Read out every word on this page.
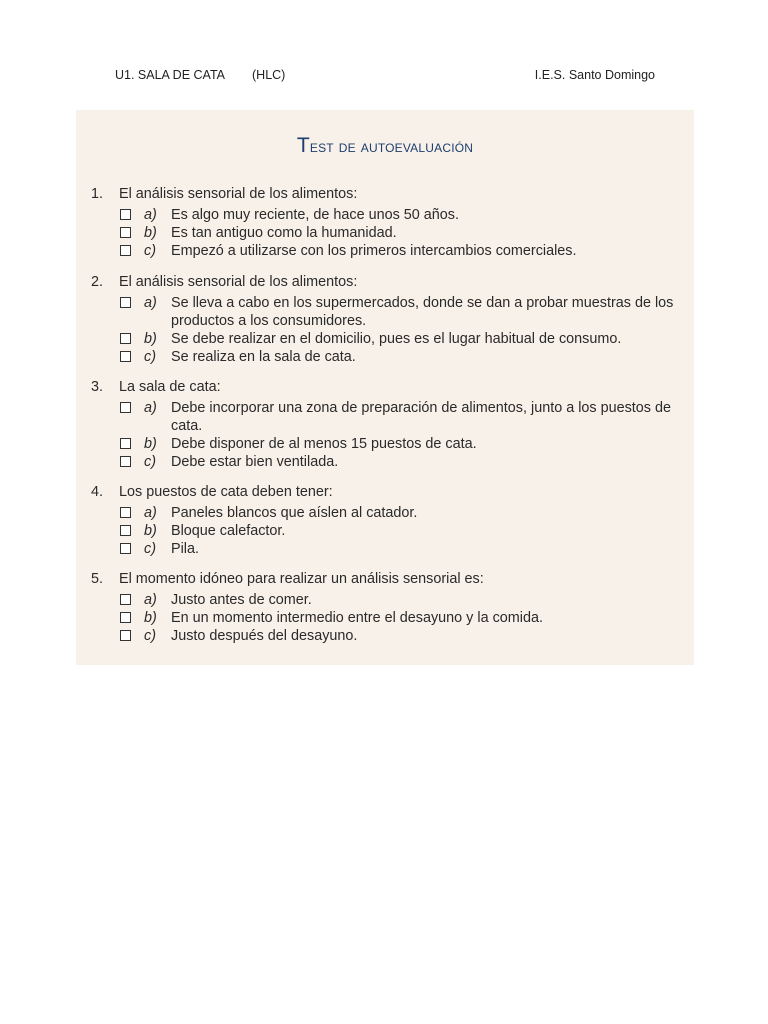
U1. SALA DE CATA (HLC)	I.E.S. Santo Domingo
Test de autoevaluación
1. El análisis sensorial de los alimentos:
a) Es algo muy reciente, de hace unos 50 años.
b) Es tan antiguo como la humanidad.
c) Empezó a utilizarse con los primeros intercambios comerciales.
2. El análisis sensorial de los alimentos:
a) Se lleva a cabo en los supermercados, donde se dan a probar muestras de los productos a los consumidores.
b) Se debe realizar en el domicilio, pues es el lugar habitual de consumo.
c) Se realiza en la sala de cata.
3. La sala de cata:
a) Debe incorporar una zona de preparación de alimentos, junto a los puestos de cata.
b) Debe disponer de al menos 15 puestos de cata.
c) Debe estar bien ventilada.
4. Los puestos de cata deben tener:
a) Paneles blancos que aíslen al catador.
b) Bloque calefactor.
c) Pila.
5. El momento idóneo para realizar un análisis sensorial es:
a) Justo antes de comer.
b) En un momento intermedio entre el desayuno y la comida.
c) Justo después del desayuno.
